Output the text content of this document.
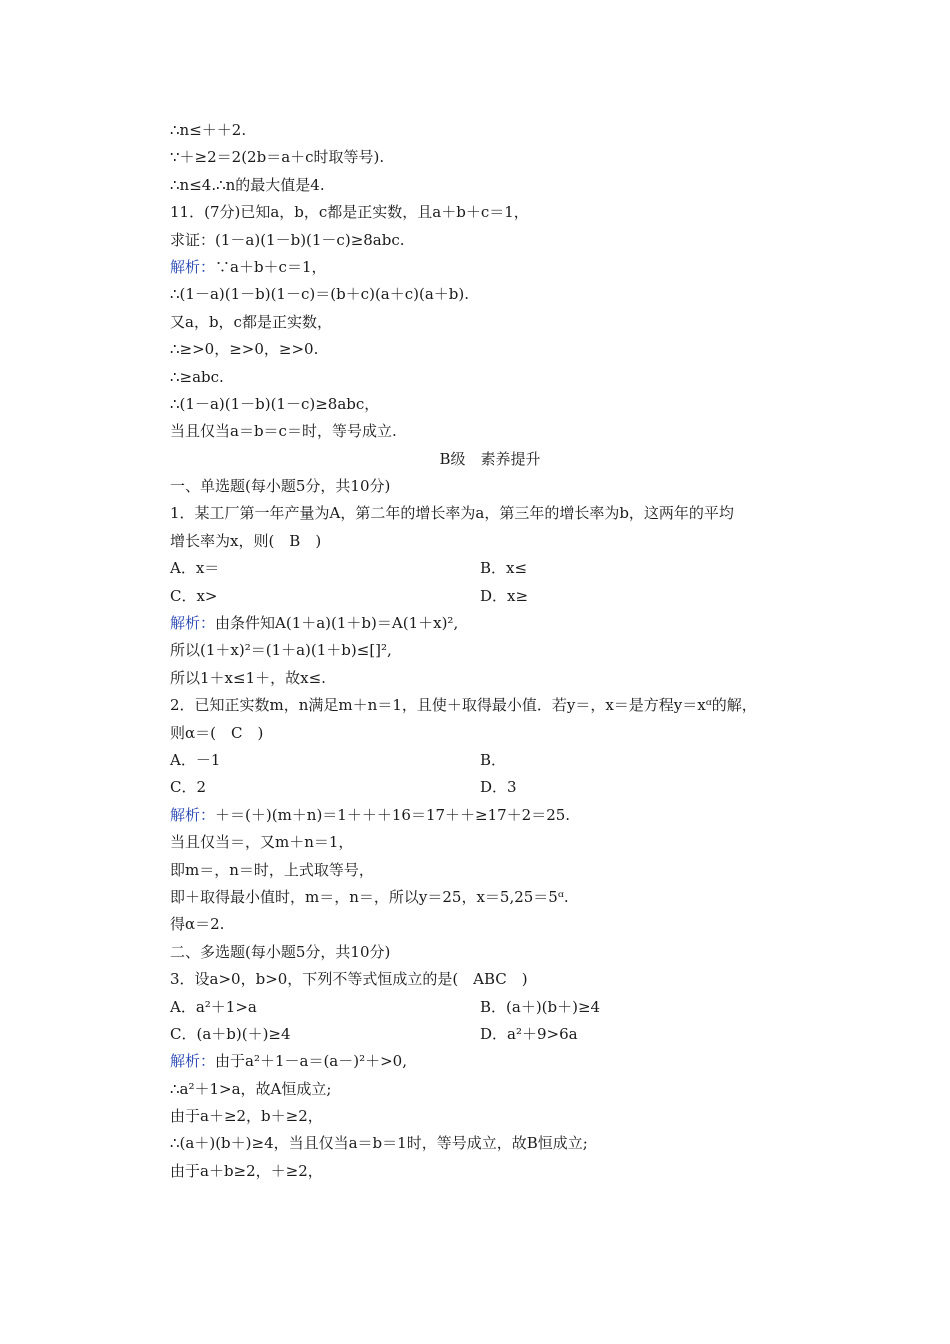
∴n≤＋＋2.
∵＋≥2＝2(2b＝a＋c时取等号).
∴n≤4.∴n的最大值是4.
11．(7分)已知a，b，c都是正实数，且a＋b＋c＝1，
求证：(1－a)(1－b)(1－c)≥8abc.
解析：∵a＋b＋c＝1，
∴(1－a)(1－b)(1－c)＝(b＋c)(a＋c)(a＋b).
又a，b，c都是正实数，
∴≥>0，≥>0，≥>0.
∴≥abc.
∴(1－a)(1－b)(1－c)≥8abc，
当且仅当a＝b＝c＝时，等号成立.
B级　素养提升
一、单选题(每小题5分，共10分)
1．某工厂第一年产量为A，第二年的增长率为a，第三年的增长率为b，这两年的平均
增长率为x，则(　B　)
A．x＝	B．x≤
C．x>	D．x≥
解析：由条件知A(1＋a)(1＋b)＝A(1＋x)²,
所以(1＋x)²＝(1＋a)(1＋b)≤[]²,
所以1＋x≤1＋，故x≤.
2．已知正实数m，n满足m＋n＝1，且使＋取得最小值．若y＝，x＝是方程y＝xᵅ的解，
则α＝(　C　)
A．－1	B．
C．2	D．3
解析：＋＝(＋)(m＋n)＝1＋＋＋16＝17＋＋≥17＋2＝25.
当且仅当＝，又m＋n＝1，
即m＝，n＝时，上式取等号，
即＋取得最小值时，m＝，n＝，所以y＝25，x＝5,25＝5ᵅ.
得α＝2.
二、多选题(每小题5分，共10分)
3．设a>0，b>0，下列不等式恒成立的是(　ABC　)
A．a²＋1>a	B．(a＋)(b＋)≥4
C．(a＋b)(＋)≥4	D．a²＋9>6a
解析：由于a²＋1－a＝(a－)²＋>0,
∴a²＋1>a，故A恒成立;
由于a＋≥2，b＋≥2，
∴(a＋)(b＋)≥4，当且仅当a＝b＝1时，等号成立，故B恒成立;
由于a＋b≥2，＋≥2，
